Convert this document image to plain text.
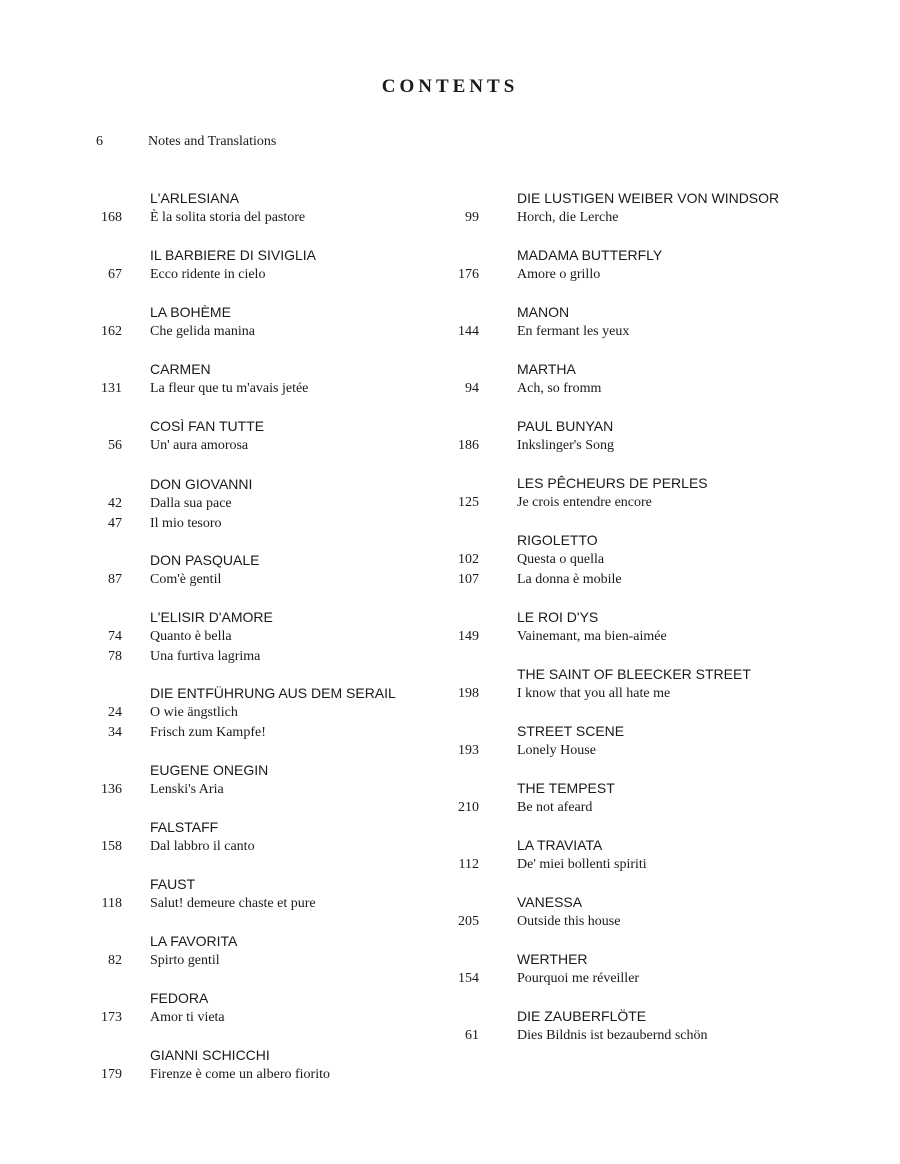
CONTENTS
6	Notes and Translations
L'ARLESIANA
168 È la solita storia del pastore
IL BARBIERE DI SIVIGLIA
67 Ecco ridente in cielo
LA BOHÈME
162 Che gelida manina
CARMEN
131 La fleur que tu m'avais jetée
COSÌ FAN TUTTE
56 Un' aura amorosa
DON GIOVANNI
42 Dalla sua pace
47 Il mio tesoro
DON PASQUALE
87 Com'è gentil
L'ELISIR D'AMORE
74 Quanto è bella
78 Una furtiva lagrima
DIE ENTFÜHRUNG AUS DEM SERAIL
24 O wie ängstlich
34 Frisch zum Kampfe!
EUGENE ONEGIN
136 Lenski's Aria
FALSTAFF
158 Dal labbro il canto
FAUST
118 Salut! demeure chaste et pure
LA FAVORITA
82 Spirto gentil
FEDORA
173 Amor ti vieta
GIANNI SCHICCHI
179 Firenze è come un albero fiorito
DIE LUSTIGEN WEIBER VON WINDSOR
99	Horch, die Lerche
MADAMA BUTTERFLY
176	Amore o grillo
MANON
144	En fermant les yeux
MARTHA
94	Ach, so fromm
PAUL BUNYAN
186	Inkslinger's Song
LES PÊCHEURS DE PERLES
125	Je crois entendre encore
RIGOLETTO
102	Questa o quella
107	La donna è mobile
LE ROI D'YS
149	Vainemant, ma bien-aimée
THE SAINT OF BLEECKER STREET
198	I know that you all hate me
STREET SCENE
193	Lonely House
THE TEMPEST
210	Be not afeard
LA TRAVIATA
112	De' miei bollenti spiriti
VANESSA
205	Outside this house
WERTHER
154	Pourquoi me réveiller
DIE ZAUBERFLÖTE
61	Dies Bildnis ist bezaubernd schön
